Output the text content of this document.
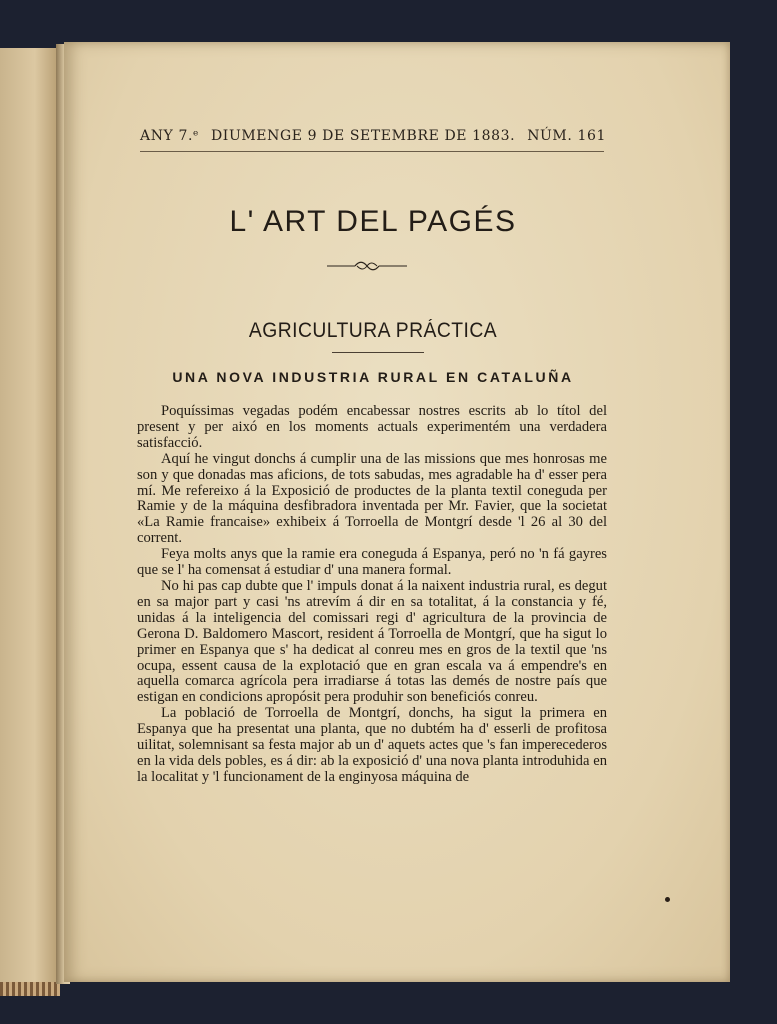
ANY 7.ᵉ DIUMENGE 9 DE SETEMBRE DE 1883. NÚM. 161
L' ART DEL PAGÉS
AGRICULTURA PRÁCTICA
UNA NOVA INDUSTRIA RURAL EN CATALUÑA

Poquíssimas vegadas podém encabessar nostres escrits ab lo títol del present y per aixó en los moments actuals experimentém una verdadera satisfacció.

Aquí he vingut donchs á cumplir una de las missions que mes honrosas me son y que donadas mas aficions, de tots sabudas, mes agradable ha d' esser pera mí. Me refereixo á la Exposició de productes de la planta textil coneguda per Ramie y de la máquina desfibradora inventada per Mr. Favier, que la societat «La Ramie francaise» exhibeix á Torroella de Montgrí desde 'l 26 al 30 del corrent.

Feya molts anys que la ramie era coneguda á Espanya, peró no 'n fá gayres que se l' ha comensat á estudiar d' una manera formal.

No hi pas cap dubte que l' impuls donat á la naixent industria rural, es degut en sa major part y casi 'ns atrevím á dir en sa totalitat, á la constancia y fé, unidas á la inteligencia del comissari regi d' agricultura de la provincia de Gerona D. Baldomero Mascort, resident á Torroella de Montgrí, que ha sigut lo primer en Espanya que s' ha dedicat al conreu mes en gros de la textil que 'ns ocupa, essent causa de la explotació que en gran escala va á empendre's en aquella comarca agrícola pera irradiarse á totas las demés de nostre país que estigan en condicions apropósit pera produhir son beneficiós conreu.

La població de Torroella de Montgrí, donchs, ha sigut la primera en Espanya que ha presentat una planta, que no dubtém ha d' esserli de profitosa uilitat, solemnisant sa festa major ab un d' aquets actes que 's fan imperecederos en la vida dels pobles, es á dir: ab la exposició d' una nova planta introduhida en la localitat y 'l funcionament de la enginyosa máquina de
